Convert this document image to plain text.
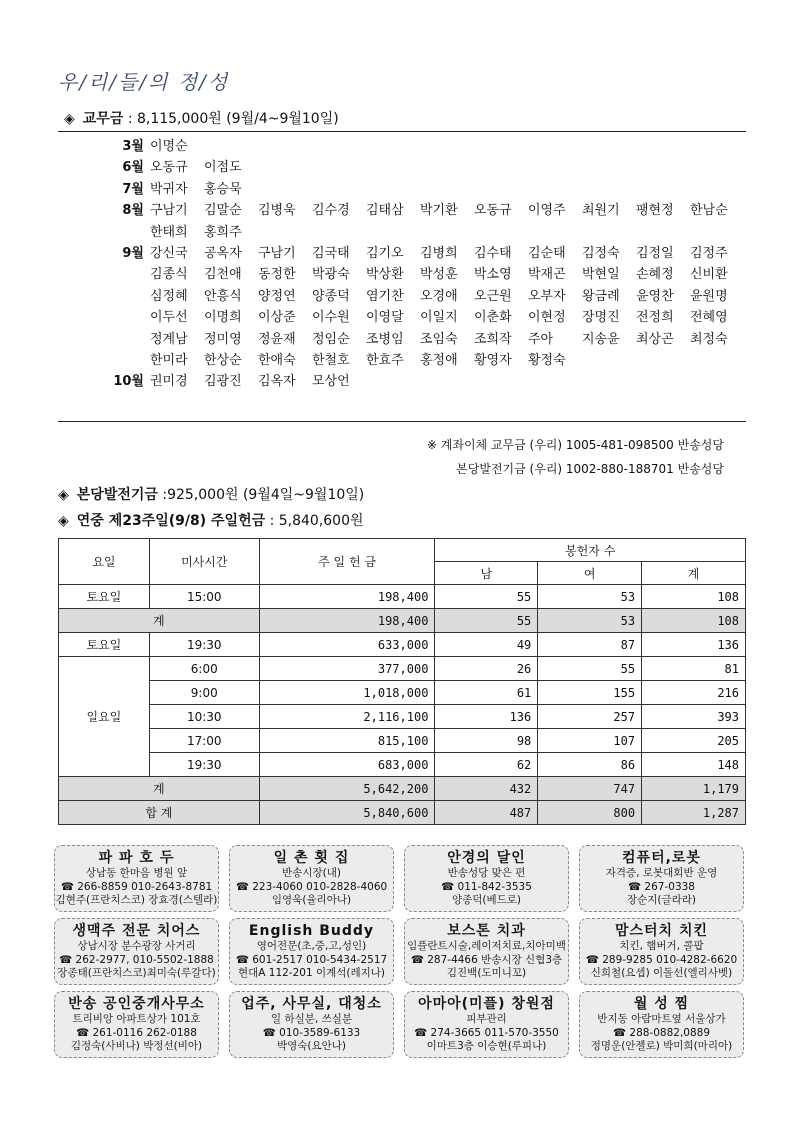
우/리/들/의 정/성
◈ 교무금 : 8,115,000원 (9월/4~9월10일)
3월 이명순
6월 오동규	이점도
7월 박귀자	홍승묵
8월 구남기	김말순	김병욱	김수경	김태삼	박기환	오동규	이영주	최원기	팽현정	한남순
한태희	홍희주
9월 강신국	공옥자	구남기	김국태	김기오	김병희	김수태	김순태	김정숙	김정일	김정주
김종식	김천애	동정한	박광숙	박상환	박성훈	박소영	박재곤	박현일	손혜정	신비환
심정혜	안흥식	양정연	양종덕	염기찬	오경애	오근원	오부자	왕금례	윤영찬	윤원명
이두선	이명희	이상준	이수원	이영달	이일지	이춘화	이현정	장명진	전정희	전혜영
정계남	정미영	정윤재	정임순	조병임	조임숙	조희작	주아	지송윤	최상곤	최정숙
한미라	한상순	한애숙	한철호	한효주	홍정애	황영자	황정숙
10월 권미경	김광진	김옥자	모상언
※ 계좌이체 교무금 (우리) 1005-481-098500 반송성당
본당발전기금 (우리) 1002-880-188701 반송성당
◈ 본당발전기금 :925,000원 (9월4일~9월10일)
◈ 연중 제23주일(9/8) 주일헌금 : 5,840,600원
요일	미사시간	주 일 헌 금	봉헌자 수		
			남	여	계
토요일	15:00	198,400	55	53	108
계		198,400	55	53	108
토요일	19:30	633,000	49	87	136
일요일	6:00	377,000	26	55	81
	9:00	1,018,000	61	155	216
	10:30	2,116,100	136	257	393
	17:00	815,100	98	107	205
	19:30	683,000	62	86	148
계		5,642,200	432	747	1,179
합 계		5,840,600	487	800	1,287
파 파 호 두
상남동 한마음 병원 앞
☎ 266-8859 010-2643-8781
김현주(프란치스코) 장효경(스텔라)
일 촌 횟 집
반송시장(내)
☎ 223-4060 010-2828-4060
임영욱(율리아나)
안경의 달인
반송성당 맞은 편
☎ 011-842-3535
양종덕(베드로)
컴퓨터,로봇
자격증, 로봇대회반 운영
☎ 267-0338
장순지(글라라)
생맥주 전문 치어스
상남시장 분수광장 사거리
☎ 262-2977, 010-5502-1888
장종태(프란치스코)최미숙(루갈다)
English Buddy
영어전문(초,중,고,성인)
☎ 601-2517 010-5434-2517
현대A 112-201 이계석(레지나)
보스톤 치과
임플란트시술,레이저치료,치아미백
☎ 287-4466 반송시장 신협3층
김진백(도미니꼬)
맘스터치 치킨
치킨, 햄버거, 콜팝
☎ 289-9285 010-4282-6620
신희철(요셉) 이돌선(엘리사벳)
반송 공인중개사무소
트리비앙 아파트상가 101호
☎ 261-0116 262-0188
김정숙(사비나) 박정선(비아)
업주, 사무실, 대청소
일 하실분, 쓰실분
☎ 010-3589-6133
박영숙(요안나)
아마아(미플) 창원점
피부관리
☎ 274-3665 011-570-3550
이마트3층 이승현(루피나)
월 성 찜
반지동 아람마트옆 서울상가
☎ 288-0882,0889
정명운(안젤로) 박미희(마리아)
